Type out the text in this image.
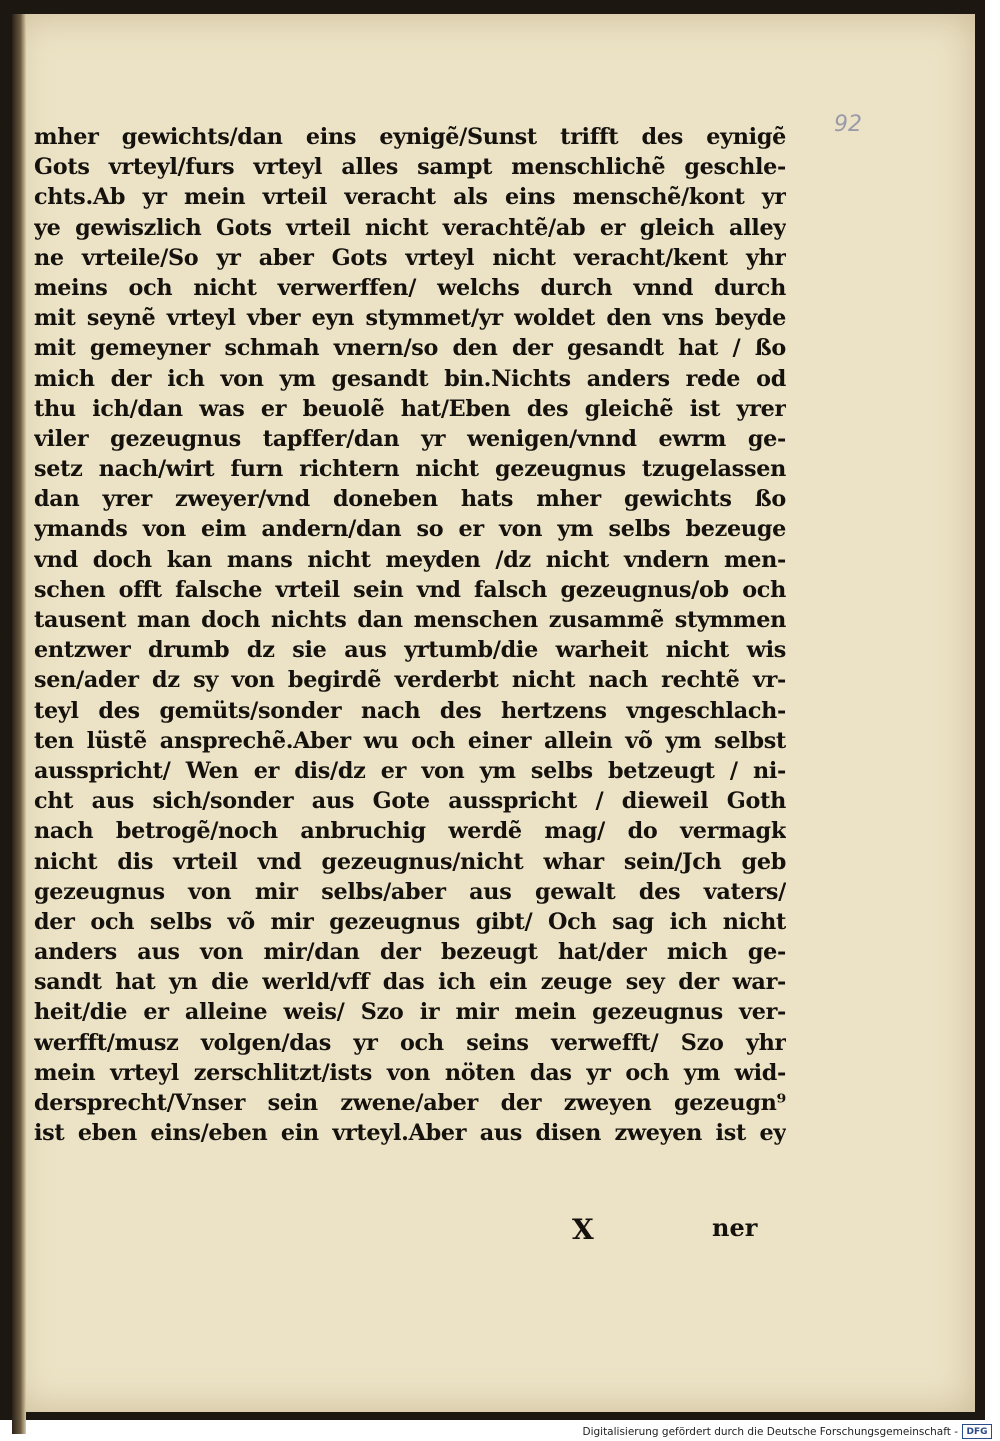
92
mher gewichts/dan eins eynigẽ/Sunst trifft des eynigẽ
Gots vrteyl/furs vrteyl alles sampt menschlichẽ geschle-
chts.Ab yr mein vrteil veracht als eins menschẽ/kont yr
ye gewiszlich Gots vrteil nicht verachtẽ/ab er gleich alley
ne vrteile/So yr aber Gots vrteyl nicht veracht/kent yhr
meins och nicht verwerffen/ welchs durch vnnd durch
mit seynẽ vrteyl vber eyn stymmet/yr woldet den vns beyde
mit gemeyner schmah vnern/so den der gesandt hat / ßo
mich der ich von ym gesandt bin.Nichts anders rede od
thu ich/dan was er beuolẽ hat/Eben des gleichẽ ist yrer
viler gezeugnus tapffer/dan yr wenigen/vnnd ewrm ge-
setz nach/wirt furn richtern nicht gezeugnus tzugelassen
dan yrer zweyer/vnd doneben hats mher gewichts ßo
ymands von eim andern/dan so er von ym selbs bezeuge
vnd doch kan mans nicht meyden /dz nicht vndern men-
schen offt falsche vrteil sein vnd falsch gezeugnus/ob och
tausent man doch nichts dan menschen zusammẽ stymmen
entzwer drumb dz sie aus yrtumb/die warheit nicht wis
sen/ader dz sy von begirdẽ verderbt nicht nach rechtẽ vr-
teyl des gemüts/sonder nach des hertzens vngeschlach-
ten lüstẽ ansprechẽ.Aber wu och einer allein võ ym selbst
ausspricht/ Wen er dis/dz er von ym selbs betzeugt / ni-
cht aus sich/sonder aus Gote ausspricht / dieweil Goth
nach betrogẽ/noch anbruchig werdẽ mag/ do vermagk
nicht dis vrteil vnd gezeugnus/nicht whar sein/Jch geb
gezeugnus von mir selbs/aber aus gewalt des vaters/
der och selbs võ mir gezeugnus gibt/ Och sag ich nicht
anders aus von mir/dan der bezeugt hat/der mich ge-
sandt hat yn die werld/vff das ich ein zeuge sey der war-
heit/die er alleine weis/ Szo ir mir mein gezeugnus ver-
werfft/musz volgen/das yr och seins verwefft/ Szo yhr
mein vrteyl zerschlitzt/ists von nöten das yr och ym wid-
dersprecht/Vnser sein zwene/aber der zweyen gezeugn⁹
ist eben eins/eben ein vrteyl.Aber aus disen zweyen ist ey
X	ner
Digitalisierung gefördert durch die Deutsche Forschungsgemeinschaft - DFG
